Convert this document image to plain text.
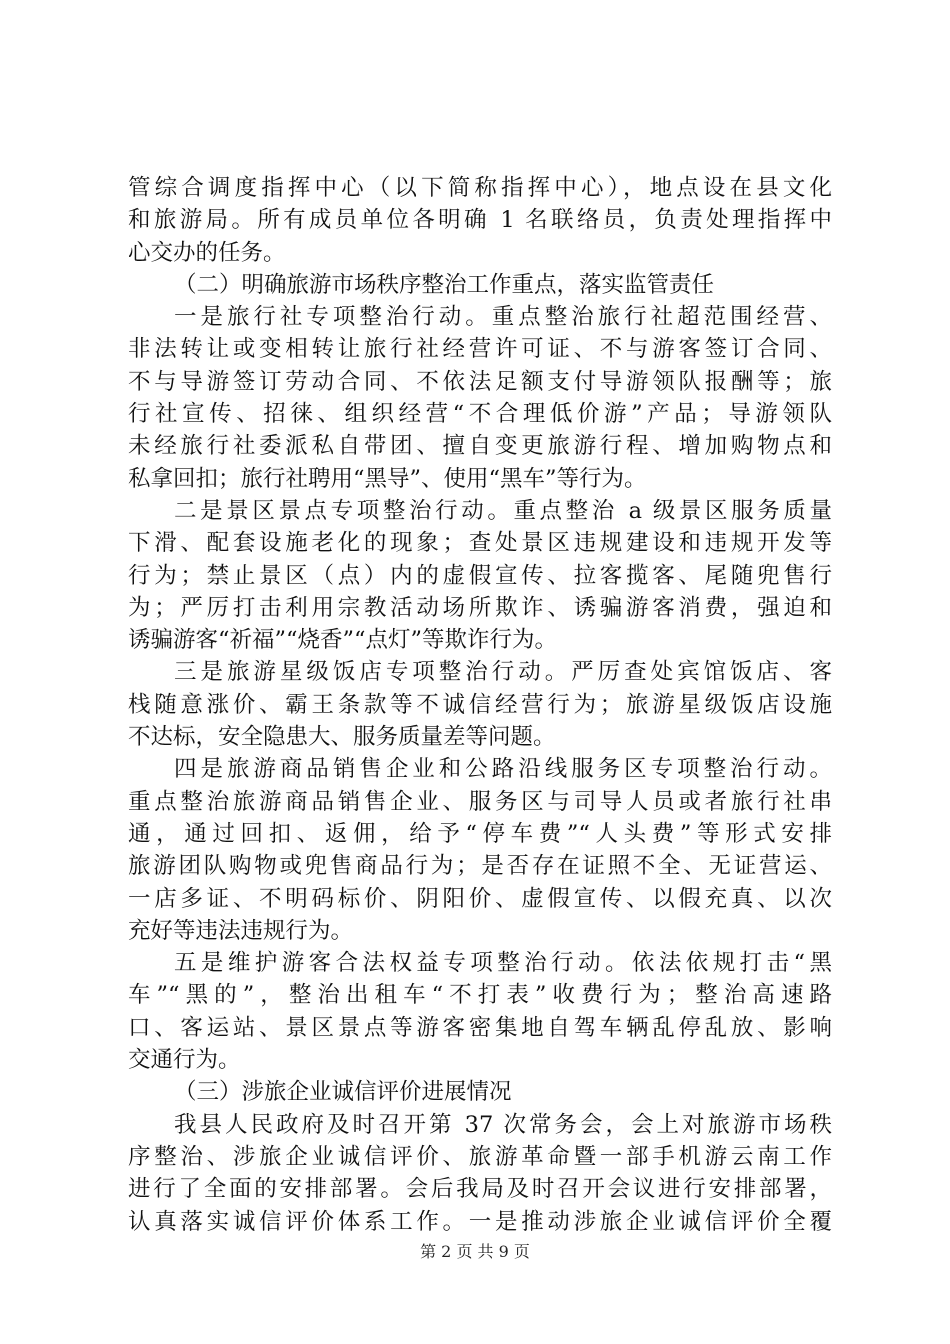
管综合调度指挥中心（以下简称指挥中心），地点设在县文化
和旅游局。所有成员单位各明确 1 名联络员，负责处理指挥中
心交办的任务。
（二）明确旅游市场秩序整治工作重点，落实监管责任
一是旅行社专项整治行动。重点整治旅行社超范围经营、
非法转让或变相转让旅行社经营许可证、不与游客签订合同、
不与导游签订劳动合同、不依法足额支付导游领队报酬等；旅
行社宣传、招徕、组织经营“不合理低价游”产品；导游领队
未经旅行社委派私自带团、擅自变更旅游行程、增加购物点和
私拿回扣；旅行社聘用“黑导”、使用“黑车”等行为。
二是景区景点专项整治行动。重点整治 a 级景区服务质量
下滑、配套设施老化的现象；查处景区违规建设和违规开发等
行为；禁止景区（点）内的虚假宣传、拉客揽客、尾随兜售行
为；严厉打击利用宗教活动场所欺诈、诱骗游客消费，强迫和
诱骗游客“祈福”“烧香”“点灯”等欺诈行为。
三是旅游星级饭店专项整治行动。严厉查处宾馆饭店、客
栈随意涨价、霸王条款等不诚信经营行为；旅游星级饭店设施
不达标，安全隐患大、服务质量差等问题。
四是旅游商品销售企业和公路沿线服务区专项整治行动。
重点整治旅游商品销售企业、服务区与司导人员或者旅行社串
通，通过回扣、返佣，给予“停车费”“人头费”等形式安排
旅游团队购物或兜售商品行为；是否存在证照不全、无证营运、
一店多证、不明码标价、阴阳价、虚假宣传、以假充真、以次
充好等违法违规行为。
五是维护游客合法权益专项整治行动。依法依规打击“黑
车”“黑的”，整治出租车“不打表”收费行为；整治高速路
口、客运站、景区景点等游客密集地自驾车辆乱停乱放、影响
交通行为。
（三）涉旅企业诚信评价进展情况
我县人民政府及时召开第 37 次常务会，会上对旅游市场秩
序整治、涉旅企业诚信评价、旅游革命暨一部手机游云南工作
进行了全面的安排部署。会后我局及时召开会议进行安排部署，
认真落实诚信评价体系工作。一是推动涉旅企业诚信评价全覆
第 2 页 共 9 页
